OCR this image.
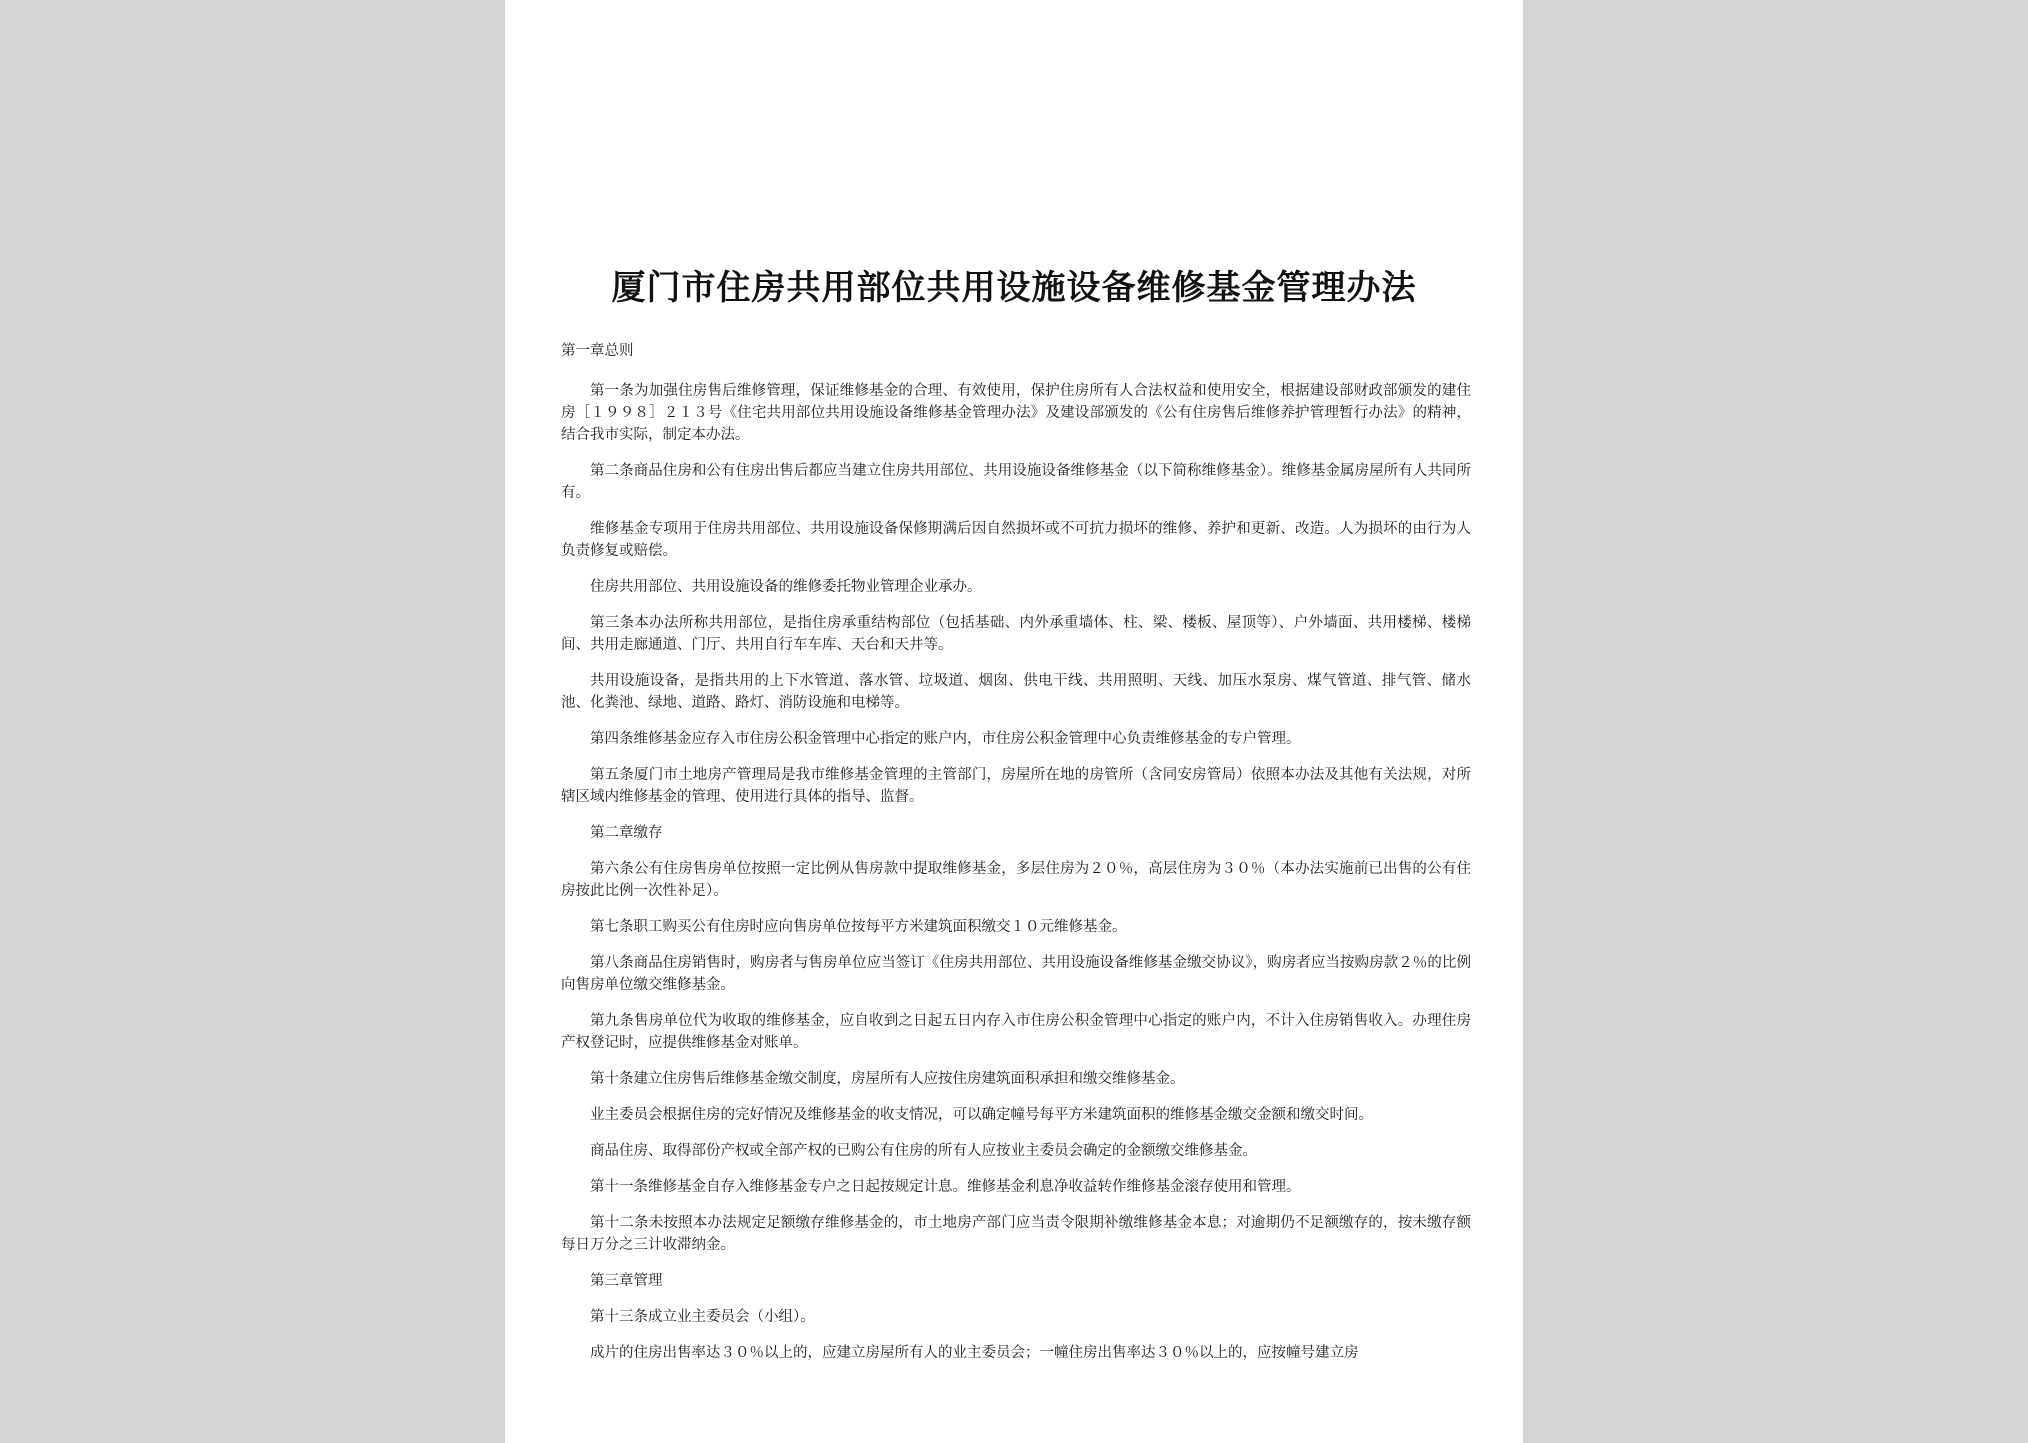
厦门市住房共用部位共用设施设备维修基金管理办法

第一章总则

第一条为加强住房售后维修管理，保证维修基金的合理、有效使用，保护住房所有人合法权益和使用安全，根据建设部财政部颁发的建住房［１９９８］２１３号《住宅共用部位共用设施设备维修基金管理办法》及建设部颁发的《公有住房售后维修养护管理暂行办法》的精神，结合我市实际，制定本办法。

第二条商品住房和公有住房出售后都应当建立住房共用部位、共用设施设备维修基金（以下简称维修基金）。维修基金属房屋所有人共同所有。

维修基金专项用于住房共用部位、共用设施设备保修期满后因自然损坏或不可抗力损坏的维修、养护和更新、改造。人为损坏的由行为人负责修复或赔偿。

住房共用部位、共用设施设备的维修委托物业管理企业承办。

第三条本办法所称共用部位，是指住房承重结构部位（包括基础、内外承重墙体、柱、梁、楼板、屋顶等）、户外墙面、共用楼梯、楼梯间、共用走廊通道、门厅、共用自行车车库、天台和天井等。

共用设施设备，是指共用的上下水管道、落水管、垃圾道、烟囱、供电干线、共用照明、天线、加压水泵房、煤气管道、排气管、储水池、化粪池、绿地、道路、路灯、消防设施和电梯等。

第四条维修基金应存入市住房公积金管理中心指定的账户内，市住房公积金管理中心负责维修基金的专户管理。

第五条厦门市土地房产管理局是我市维修基金管理的主管部门，房屋所在地的房管所（含同安房管局）依照本办法及其他有关法规，对所辖区域内维修基金的管理、使用进行具体的指导、监督。

第二章缴存

第六条公有住房售房单位按照一定比例从售房款中提取维修基金，多层住房为２０％，高层住房为３０％（本办法实施前已出售的公有住房按此比例一次性补足）。

第七条职工购买公有住房时应向售房单位按每平方米建筑面积缴交１０元维修基金。

第八条商品住房销售时，购房者与售房单位应当签订《住房共用部位、共用设施设备维修基金缴交协议》，购房者应当按购房款２％的比例向售房单位缴交维修基金。

第九条售房单位代为收取的维修基金，应自收到之日起五日内存入市住房公积金管理中心指定的账户内，不计入住房销售收入。办理住房产权登记时，应提供维修基金对账单。

第十条建立住房售后维修基金缴交制度，房屋所有人应按住房建筑面积承担和缴交维修基金。

业主委员会根据住房的完好情况及维修基金的收支情况，可以确定幢号每平方米建筑面积的维修基金缴交金额和缴交时间。

商品住房、取得部份产权或全部产权的已购公有住房的所有人应按业主委员会确定的金额缴交维修基金。

第十一条维修基金自存入维修基金专户之日起按规定计息。维修基金利息净收益转作维修基金滚存使用和管理。

第十二条未按照本办法规定足额缴存维修基金的，市土地房产部门应当责令限期补缴维修基金本息；对逾期仍不足额缴存的，按未缴存额每日万分之三计收滞纳金。

第三章管理

第十三条成立业主委员会（小组）。

成片的住房出售率达３０％以上的，应建立房屋所有人的业主委员会；一幢住房出售率达３０％以上的，应按幢号建立房
